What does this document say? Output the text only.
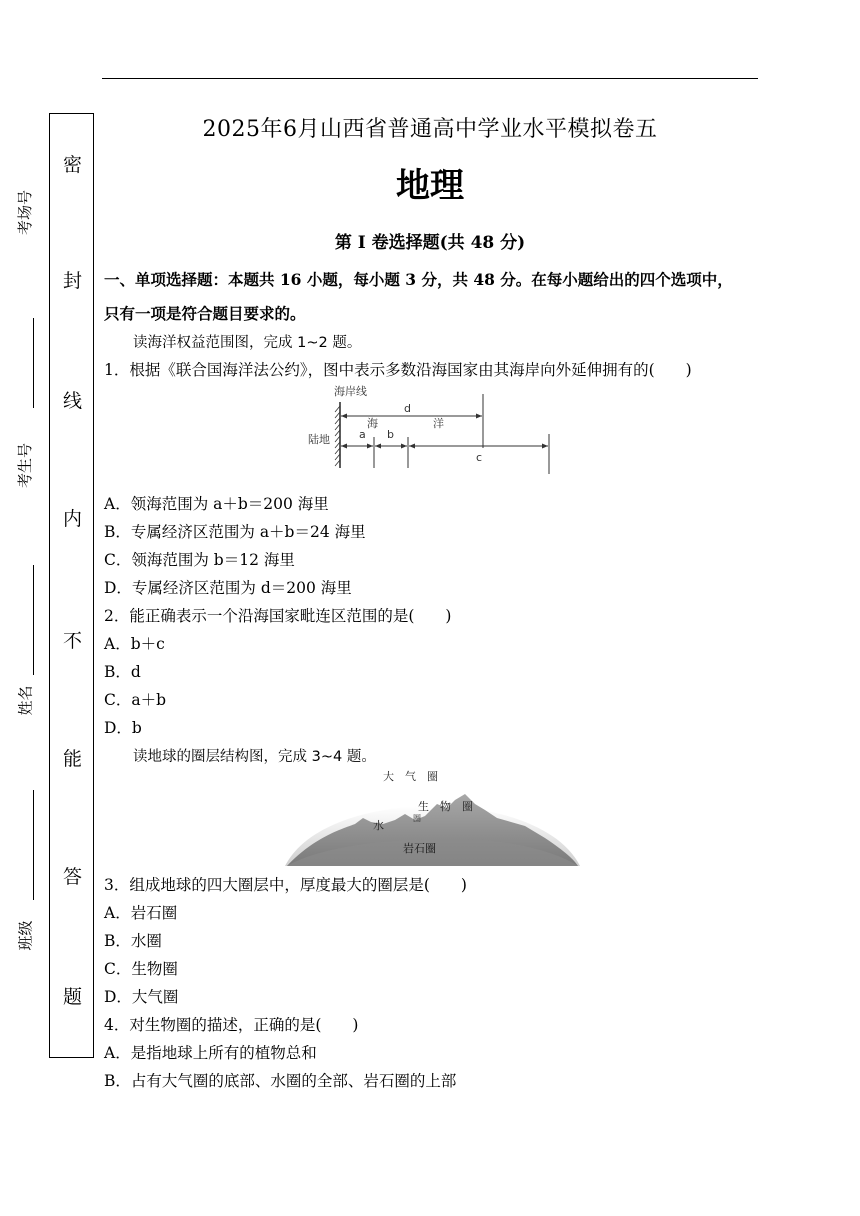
考场号
考生号
姓名
班级
密
封
线
内
不
能
答
题
2025年6月山西省普通高中学业水平模拟卷五
地理
第 I 卷选择题(共 48 分)
一、单项选择题：本题共 16 小题，每小题 3 分，共 48 分。在每小题给出的四个选项中，
只有一项是符合题目要求的。
读海洋权益范围图，完成 1~2 题。
1．根据《联合国海洋法公约》，图中表示多数沿海国家由其海岸向外延伸拥有的(　　)
海岸线
陆地
海	洋
a b
d
c
A．领海范围为 a＋b＝200 海里
B．专属经济区范围为 a＋b＝24 海里
C．领海范围为 b＝12 海里
D．专属经济区范围为 d＝200 海里
2．能正确表示一个沿海国家毗连区范围的是(　　)
A．b＋c
B．d
C．a＋b
D．b
读地球的圈层结构图，完成 3~4 题。
大　气　圈
生　物　圈
水
圈
岩石圈
3．组成地球的四大圈层中，厚度最大的圈层是(　　)
A．岩石圈
B．水圈
C．生物圈
D．大气圈
4．对生物圈的描述，正确的是(　　)
A．是指地球上所有的植物总和
B．占有大气圈的底部、水圈的全部、岩石圈的上部
